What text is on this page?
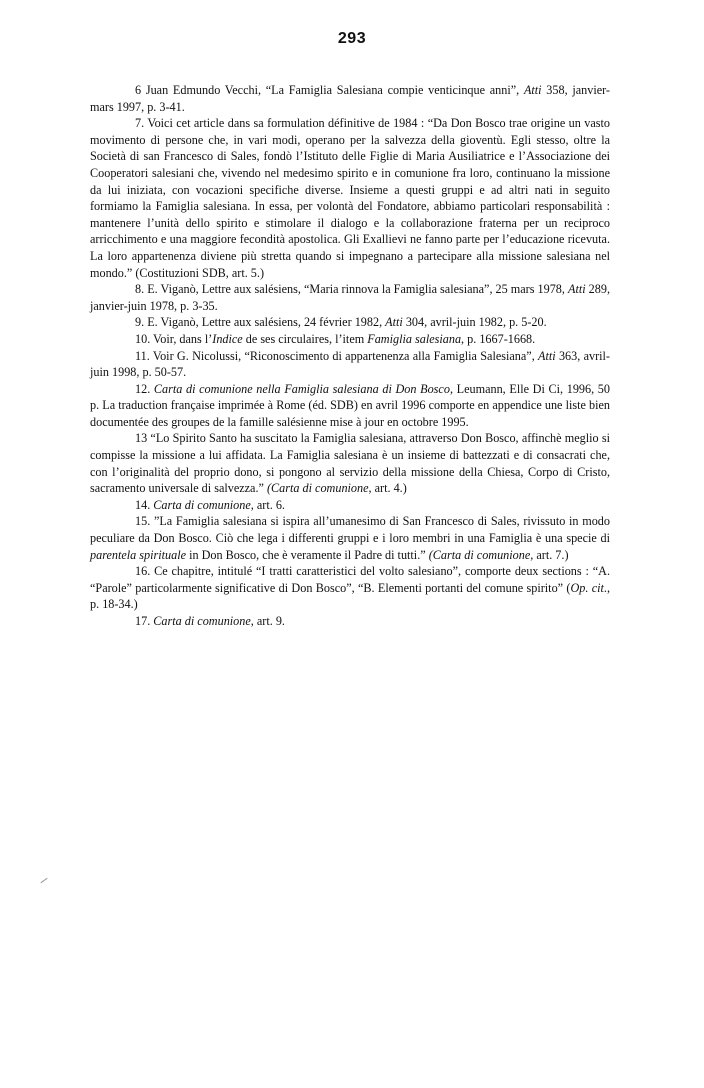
293

6 Juan Edmundo Vecchi, “La Famiglia Salesiana compie venticinque anni”, Atti 358, janvier-mars 1997, p. 3-41.

7. Voici cet article dans sa formulation définitive de 1984 : “Da Don Bosco trae origine un vasto movimento di persone che, in vari modi, operano per la salvezza della gioventù. Egli stesso, oltre la Società di san Francesco di Sales, fondò l’Istituto delle Figlie di Maria Ausiliatrice e l’Associazione dei Cooperatori salesiani che, vivendo nel medesimo spirito e in comunione fra loro, continuano la missione da lui iniziata, con vocazioni specifiche diverse. Insieme a questi gruppi e ad altri nati in seguito formiamo la Famiglia salesiana. In essa, per volontà del Fondatore, abbiamo particolari responsabilità : mantenere l’unità dello spirito e stimolare il dialogo e la collaborazione fraterna per un reciproco arricchimento e una maggiore fecondità apostolica. Gli Exallievi ne fanno parte per l’educazione ricevuta. La loro appartenenza diviene più stretta quando si impegnano a partecipare alla missione salesiana nel mondo.” (Costituzioni SDB, art. 5.)

8. E. Viganò, Lettre aux salésiens, “Maria rinnova la Famiglia salesiana”, 25 mars 1978, Atti 289, janvier-juin 1978, p. 3-35.

9. E. Viganò, Lettre aux salésiens, 24 février 1982, Atti 304, avril-juin 1982, p. 5-20.

10. Voir, dans l’Indice de ses circulaires, l’item Famiglia salesiana, p. 1667-1668.

11. Voir G. Nicolussi, “Riconoscimento di appartenenza alla Famiglia Salesiana”, Atti 363, avril-juin 1998, p. 50-57.

12. Carta di comunione nella Famiglia salesiana di Don Bosco, Leumann, Elle Di Ci, 1996, 50 p. La traduction française imprimée à Rome (éd. SDB) en avril 1996 comporte en appendice une liste bien documentée des groupes de la famille salésienne mise à jour en octobre 1995.

13 “Lo Spirito Santo ha suscitato la Famiglia salesiana, attraverso Don Bosco, affinchè meglio si compisse la missione a lui affidata. La Famiglia salesiana è un insieme di battezzati e di consacrati che, con l’originalità del proprio dono, si pongono al servizio della missione della Chiesa, Corpo di Cristo, sacramento universale di salvezza.” (Carta di comunione, art. 4.)

14. Carta di comunione, art. 6.

15. ”La Famiglia salesiana si ispira all’umanesimo di San Francesco di Sales, rivissuto in modo peculiare da Don Bosco. Ciò che lega i differenti gruppi e i loro membri in una Famiglia è una specie di parentela spirituale in Don Bosco, che è veramente il Padre di tutti.” (Carta di comunione, art. 7.)

16. Ce chapitre, intitulé “I tratti caratteristici del volto salesiano”, comporte deux sections : “A. “Parole” particolarmente significative di Don Bosco”, “B. Elementi portanti del comune spirito” (Op. cit., p. 18-34.)

17. Carta di comunione, art. 9.
